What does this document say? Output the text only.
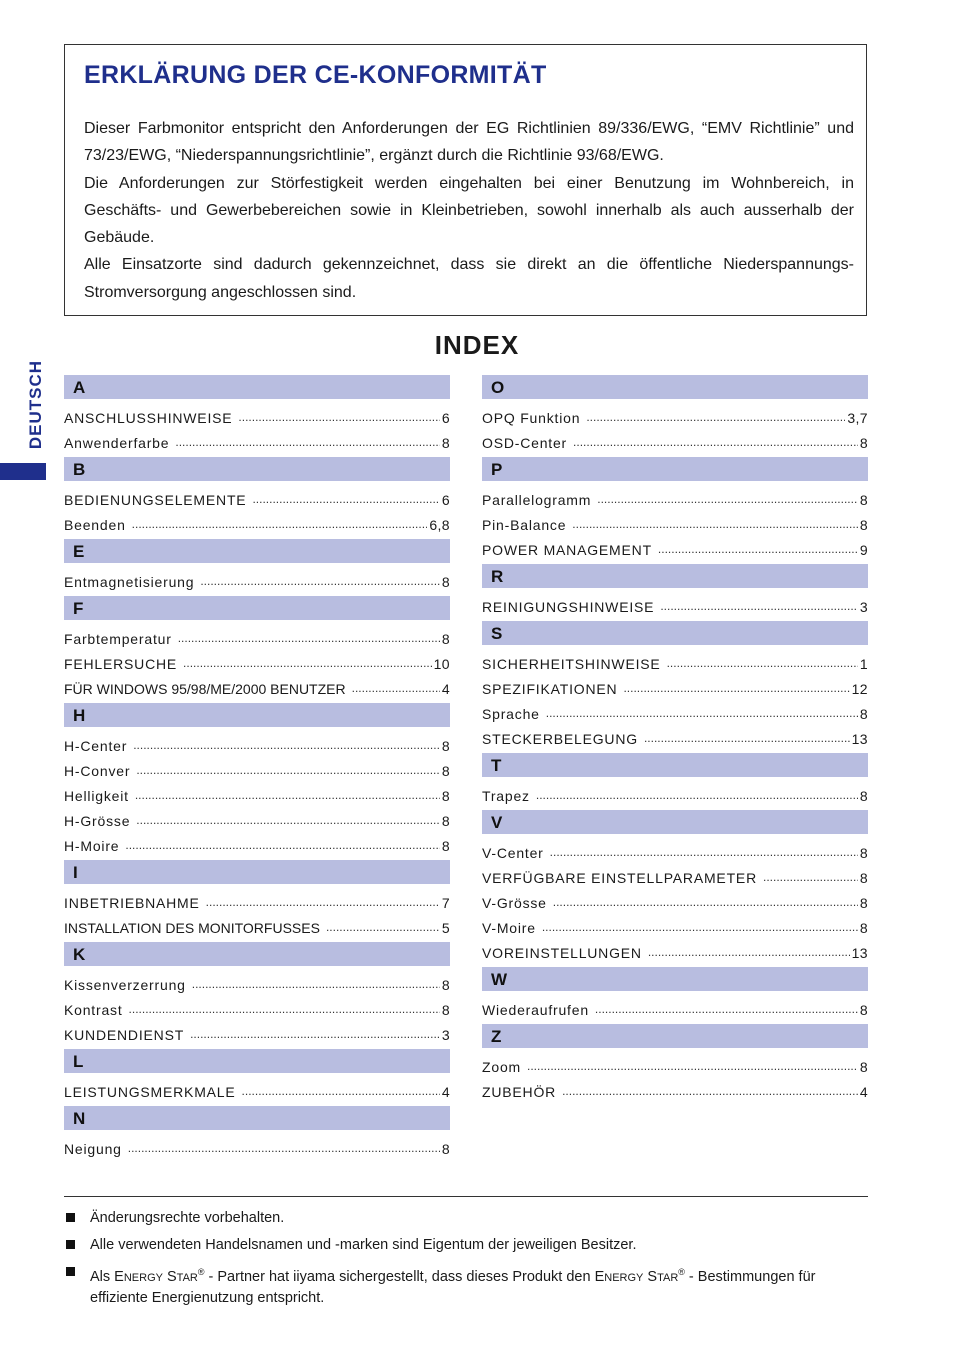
ERKLÄRUNG DER CE-KONFORMITÄT

Dieser Farbmonitor entspricht den Anforderungen der EG Richtlinien 89/336/EWG, “EMV Richtlinie” und 73/23/EWG, “Niederspannungsrichtlinie”, ergänzt durch die Richtlinie 93/68/EWG.

Die Anforderungen zur Störfestigkeit werden eingehalten bei einer Benutzung im Wohnbereich, in Geschäfts- und Gewerbebereichen sowie in Kleinbetrieben, sowohl innerhalb als auch ausserhalb der Gebäude.

Alle Einsatzorte sind dadurch gekennzeichnet, dass sie direkt an die öffentliche Niederspannungs-Stromversorgung angeschlossen sind.

DEUTSCH
INDEX
A
ANSCHLUSSHINWEISE .....	6
Anwenderfarbe .....	8
B
BEDIENUNGSELEMENTE .....	6
Beenden .....	6,8
E
Entmagnetisierung .....	8
F
Farbtemperatur .....	8
FEHLERSUCHE .....	10
FÜR WINDOWS 95/98/ME/2000 BENUTZER .....	4
H
H-Center .....	8
H-Conver .....	8
Helligkeit .....	8
H-Grösse .....	8
H-Moire .....	8
I
INBETRIEBNAHME .....	7
INSTALLATION DES MONITORFUSSES .....	5
K
Kissenverzerrung .....	8
Kontrast .....	8
KUNDENDIENST .....	3
L
LEISTUNGSMERKMALE .....	4
N
Neigung .....	8
O
OPQ Funktion .....	3,7
OSD-Center .....	8
P
Parallelogramm .....	8
Pin-Balance .....	8
POWER MANAGEMENT .....	9
R
REINIGUNGSHINWEISE .....	3
S
SICHERHEITSHINWEISE .....	1
SPEZIFIKATIONEN .....	12
Sprache .....	8
STECKERBELEGUNG .....	13
T
Trapez .....	8
V
V-Center .....	8
VERFÜGBARE EINSTELLPARAMETER .....	8
V-Grösse .....	8
V-Moire .....	8
VOREINSTELLUNGEN .....	13
W
Wiederaufrufen .....	8
Z
Zoom .....	8
ZUBEHÖR .....	4
Änderungsrechte vorbehalten.
Alle verwendeten Handelsnamen und -marken sind Eigentum der jeweiligen Besitzer.
Als ENERGY STAR® - Partner hat iiyama sichergestellt, dass dieses Produkt den ENERGY STAR® - Bestimmungen für effiziente Energienutzung entspricht.
